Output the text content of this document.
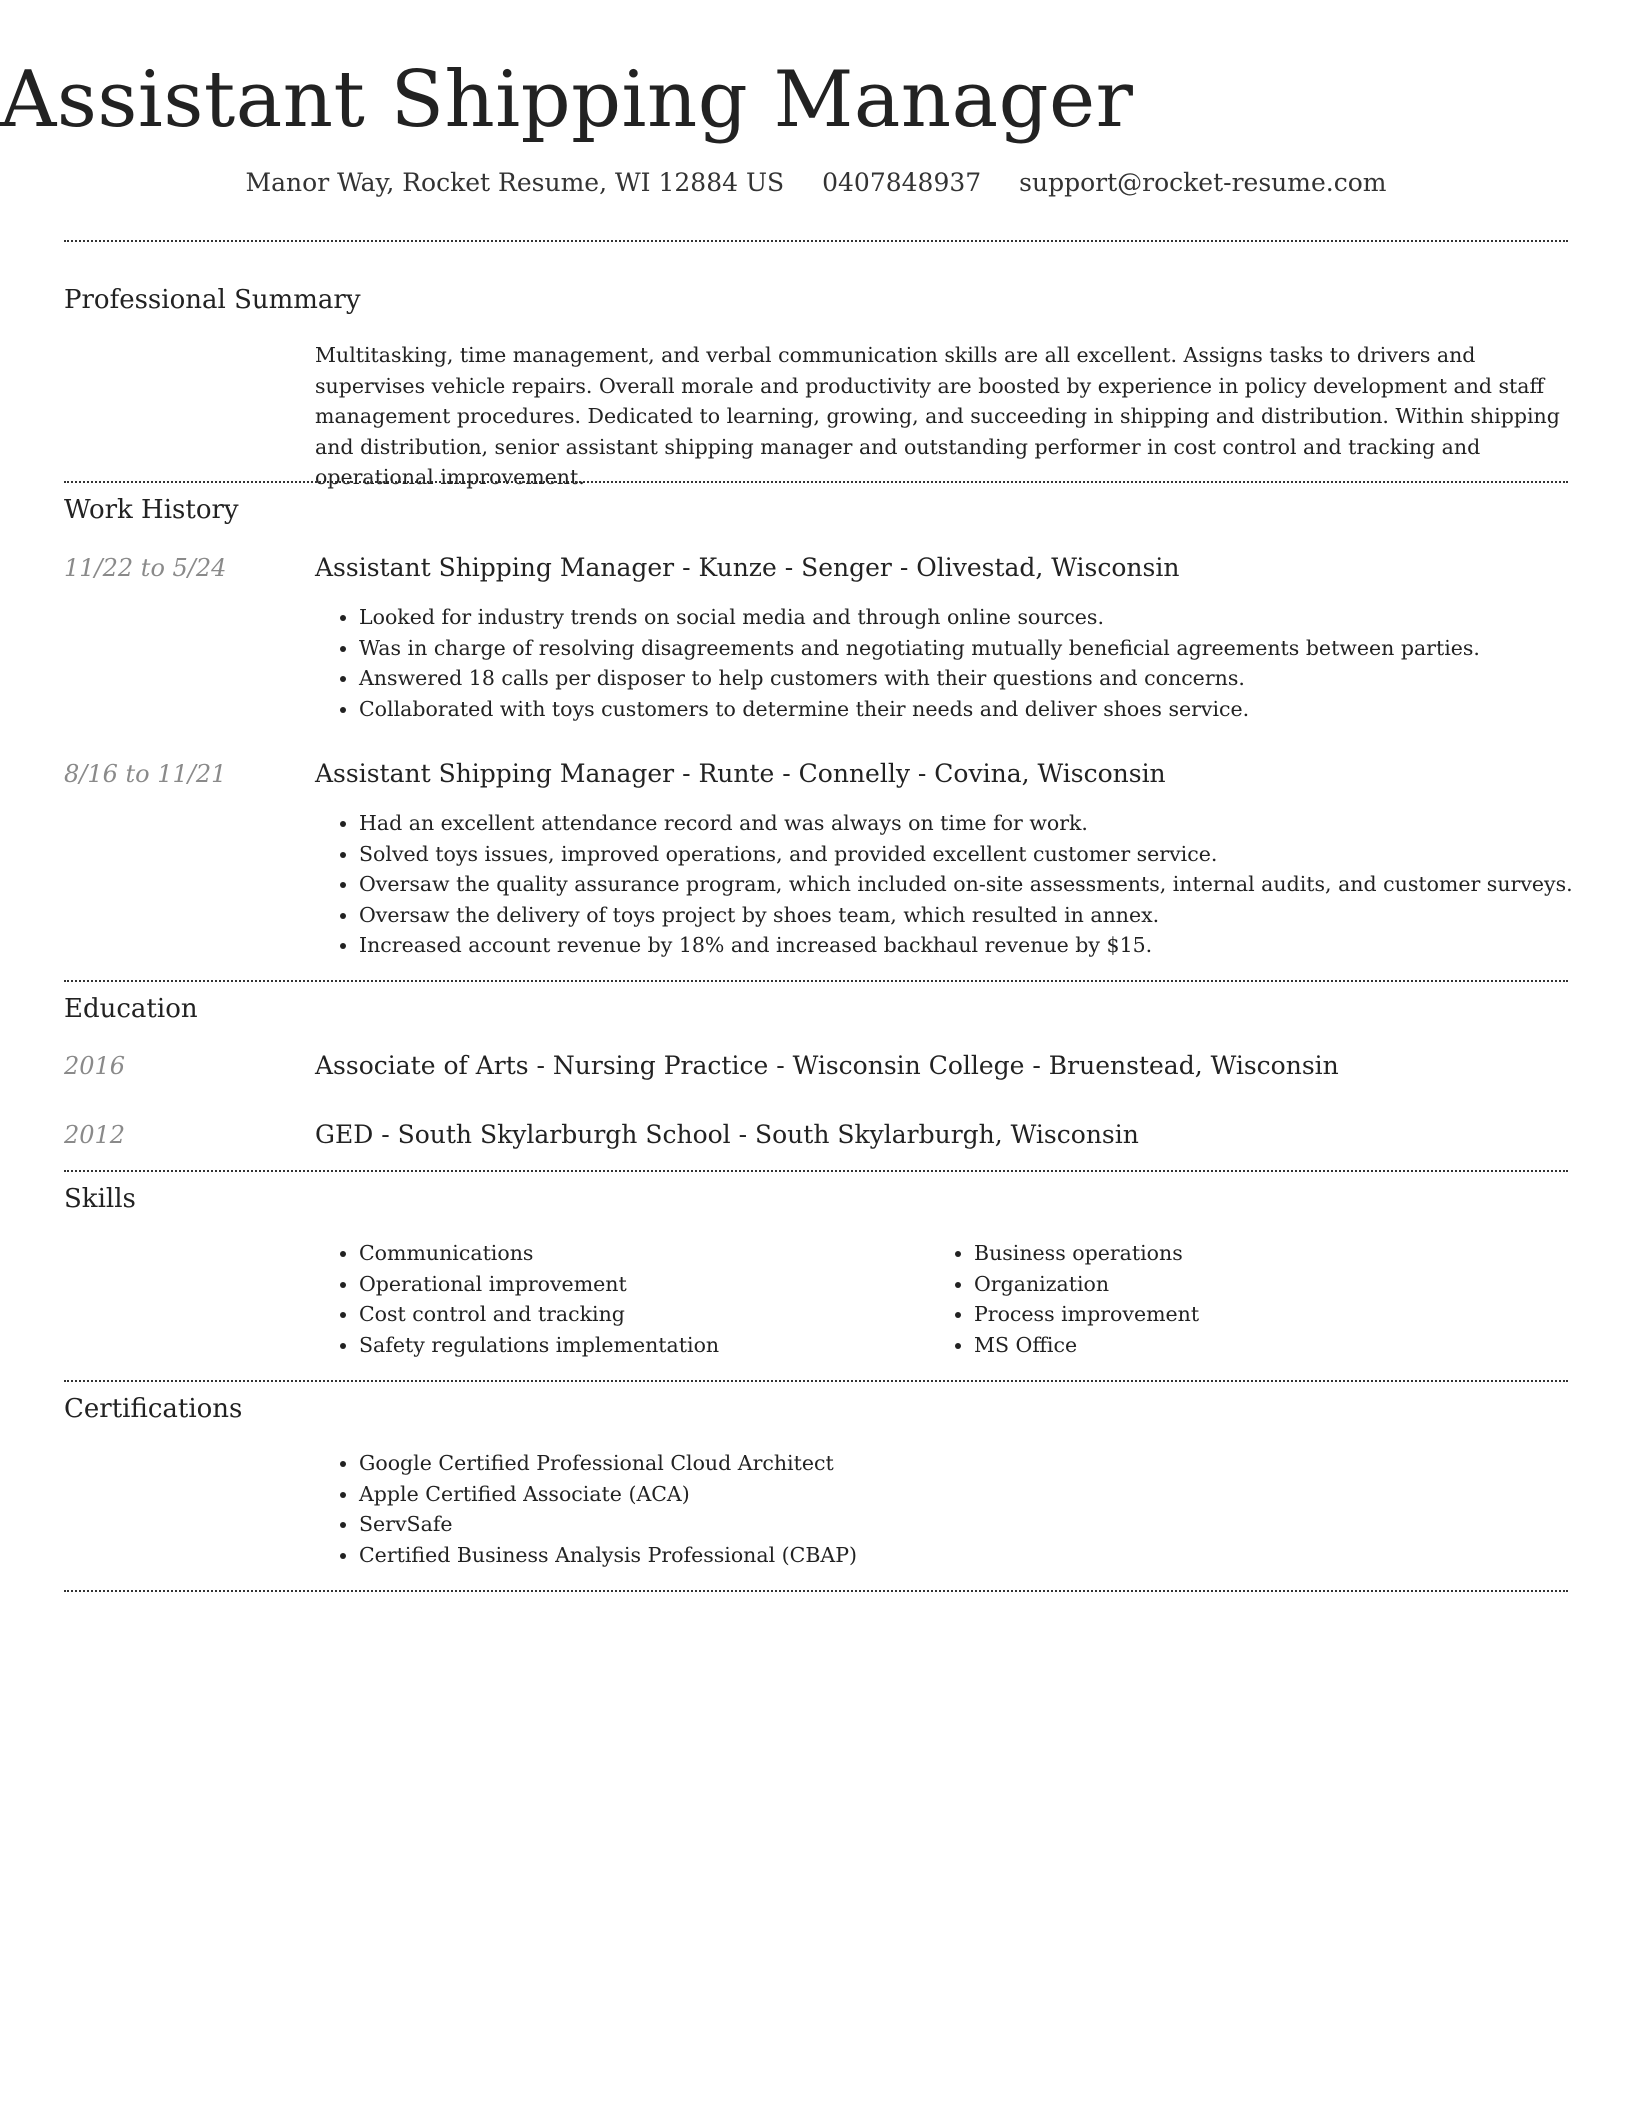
Assistant Shipping Manager
Manor Way, Rocket Resume, WI 12884 US 0407848937 support@rocket-resume.com
Professional Summary

Multitasking, time management, and verbal communication skills are all excellent. Assigns tasks to drivers and supervises vehicle repairs. Overall morale and productivity are boosted by experience in policy development and staff management procedures. Dedicated to learning, growing, and succeeding in shipping and distribution. Within shipping and distribution, senior assistant shipping manager and outstanding performer in cost control and tracking and operational improvement.

Work History
11/22 to 5/24	Assistant Shipping Manager - Kunze - Senger - Olivestad, Wisconsin
• Looked for industry trends on social media and through online sources.
• Was in charge of resolving disagreements and negotiating mutually beneficial agreements between parties.
• Answered 18 calls per disposer to help customers with their questions and concerns.
• Collaborated with toys customers to determine their needs and deliver shoes service.
8/16 to 11/21	Assistant Shipping Manager - Runte - Connelly - Covina, Wisconsin
• Had an excellent attendance record and was always on time for work.
• Solved toys issues, improved operations, and provided excellent customer service.
• Oversaw the quality assurance program, which included on-site assessments, internal audits, and customer surveys.
• Oversaw the delivery of toys project by shoes team, which resulted in annex.
• Increased account revenue by 18% and increased backhaul revenue by $15.
Education
2016	Associate of Arts - Nursing Practice - Wisconsin College - Bruenstead, Wisconsin
2012	GED - South Skylarburgh School - South Skylarburgh, Wisconsin
Skills
• Communications
• Operational improvement
• Cost control and tracking
• Safety regulations implementation
• Business operations
• Organization
• Process improvement
• MS Office
Certifications
• Google Certified Professional Cloud Architect
• Apple Certified Associate (ACA)
• ServSafe
• Certified Business Analysis Professional (CBAP)
